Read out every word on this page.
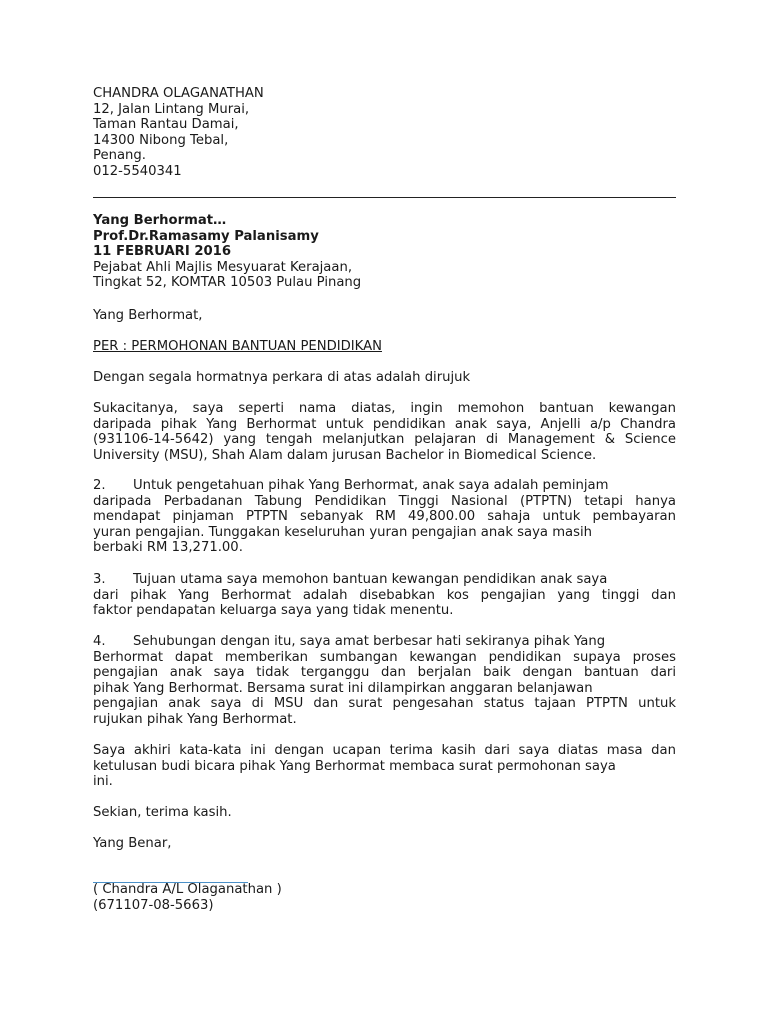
CHANDRA OLAGANATHAN
12, Jalan Lintang Murai,
Taman Rantau Damai,
14300 Nibong Tebal,
Penang.
012-5540341
Yang Berhormat…
Prof.Dr.Ramasamy Palanisamy
11 FEBRUARI 2016
Pejabat Ahli Majlis Mesyuarat Kerajaan,
Tingkat 52, KOMTAR 10503 Pulau Pinang
Yang Berhormat,
PER : PERMOHONAN BANTUAN PENDIDIKAN
Dengan segala hormatnya perkara di atas adalah dirujuk
Sukacitanya, saya seperti nama diatas, ingin memohon bantuan kewangan
daripada pihak Yang Berhormat untuk pendidikan anak saya, Anjelli a/p Chandra
(931106-14-5642) yang tengah melanjutkan pelajaran di Management & Science
University (MSU), Shah Alam dalam jurusan Bachelor in Biomedical Science.
2. Untuk pengetahuan pihak Yang Berhormat, anak saya adalah peminjam
daripada Perbadanan Tabung Pendidikan Tinggi Nasional (PTPTN) tetapi hanya
mendapat pinjaman PTPTN sebanyak RM 49,800.00 sahaja untuk pembayaran
yuran pengajian. Tunggakan keseluruhan yuran pengajian anak saya masih
berbaki RM 13,271.00.
3. Tujuan utama saya memohon bantuan kewangan pendidikan anak saya
dari pihak Yang Berhormat adalah disebabkan kos pengajian yang tinggi dan
faktor pendapatan keluarga saya yang tidak menentu.
4. Sehubungan dengan itu, saya amat berbesar hati sekiranya pihak Yang
Berhormat dapat memberikan sumbangan kewangan pendidikan supaya proses
pengajian anak saya tidak terganggu dan berjalan baik dengan bantuan dari
pihak Yang Berhormat. Bersama surat ini dilampirkan anggaran belanjawan
pengajian anak saya di MSU dan surat pengesahan status tajaan PTPTN untuk
rujukan pihak Yang Berhormat.
Saya akhiri kata-kata ini dengan ucapan terima kasih dari saya diatas masa dan
ketulusan budi bicara pihak Yang Berhormat membaca surat permohonan saya
ini.
Sekian, terima kasih.
Yang Benar,
( Chandra A/L Olaganathan )
(671107-08-5663)
